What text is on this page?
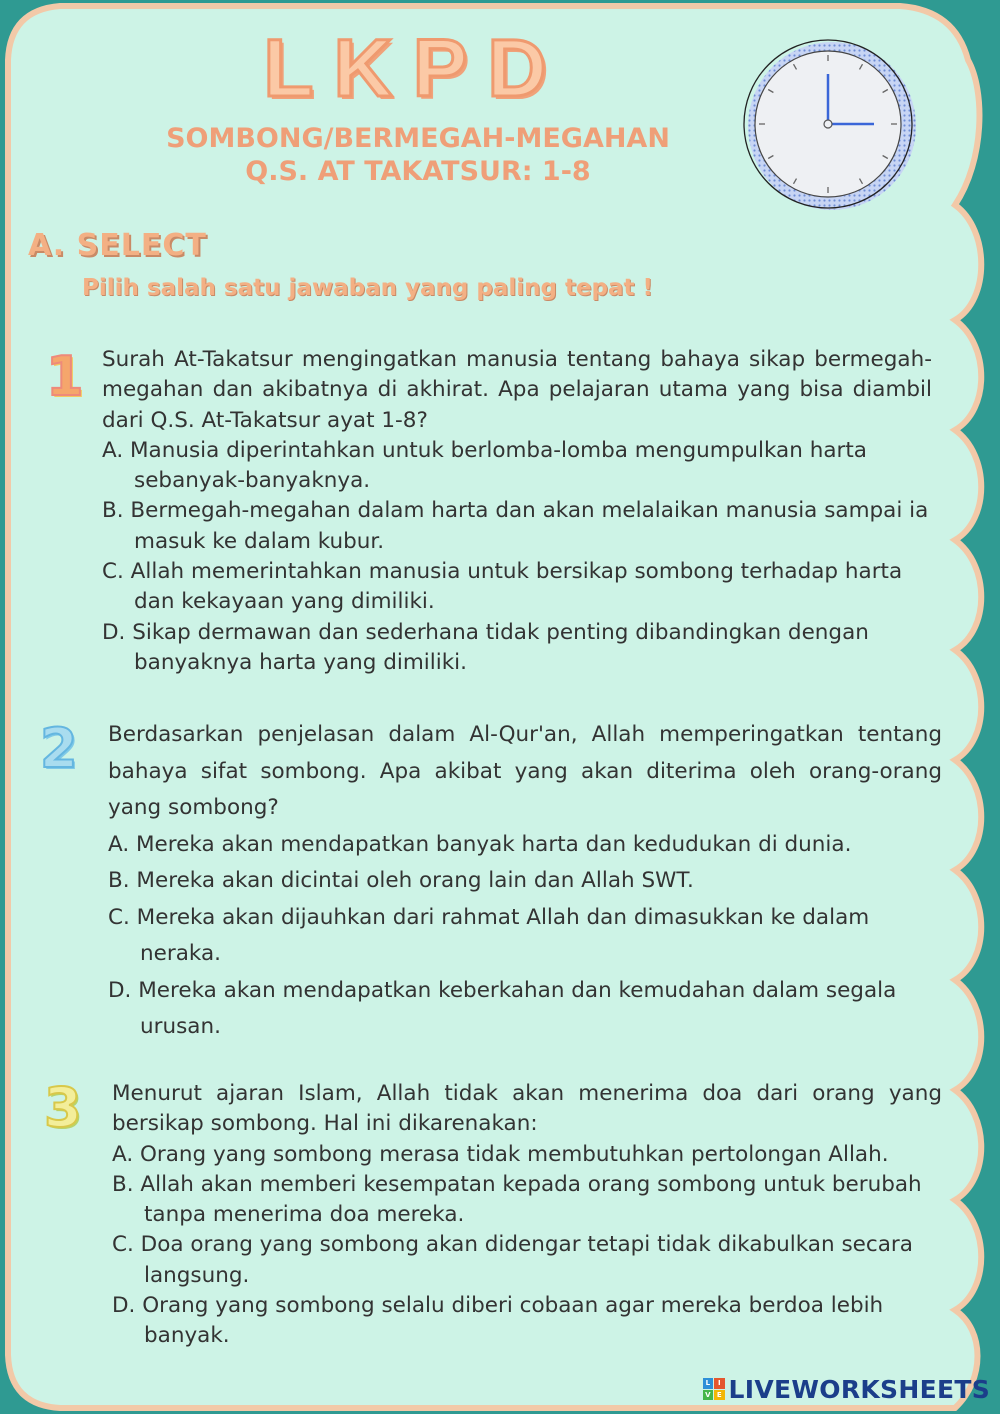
LKPD
SOMBONG/BERMEGAH-MEGAHAN
Q.S. AT TAKATSUR: 1-8
A. SELECT
Pilih salah satu jawaban yang paling tepat !
1 Surah At-Takatsur mengingatkan manusia tentang bahaya sikap bermegah-megahan dan akibatnya di akhirat. Apa pelajaran utama yang bisa diambil dari Q.S. At-Takatsur ayat 1-8?

A. Manusia diperintahkan untuk berlomba-lomba mengumpulkan harta sebanyak-banyaknya.
B. Bermegah-megahan dalam harta dan akan melalaikan manusia sampai ia masuk ke dalam kubur.
C. Allah memerintahkan manusia untuk bersikap sombong terhadap harta dan kekayaan yang dimiliki.
D. Sikap dermawan dan sederhana tidak penting dibandingkan dengan banyaknya harta yang dimiliki.
2 Berdasarkan penjelasan dalam Al-Qur'an, Allah memperingatkan tentang bahaya sifat sombong. Apa akibat yang akan diterima oleh orang-orang yang sombong?

A. Mereka akan mendapatkan banyak harta dan kedudukan di dunia.
B. Mereka akan dicintai oleh orang lain dan Allah SWT.
C. Mereka akan dijauhkan dari rahmat Allah dan dimasukkan ke dalam neraka.
D. Mereka akan mendapatkan keberkahan dan kemudahan dalam segala urusan.
3 Menurut ajaran Islam, Allah tidak akan menerima doa dari orang yang bersikap sombong. Hal ini dikarenakan:

A. Orang yang sombong merasa tidak membutuhkan pertolongan Allah.
B. Allah akan memberi kesempatan kepada orang sombong untuk berubah tanpa menerima doa mereka.
C. Doa orang yang sombong akan didengar tetapi tidak dikabulkan secara langsung.
D. Orang yang sombong selalu diberi cobaan agar mereka berdoa lebih banyak.
L	I
V E LIVEWORKSHEETS
